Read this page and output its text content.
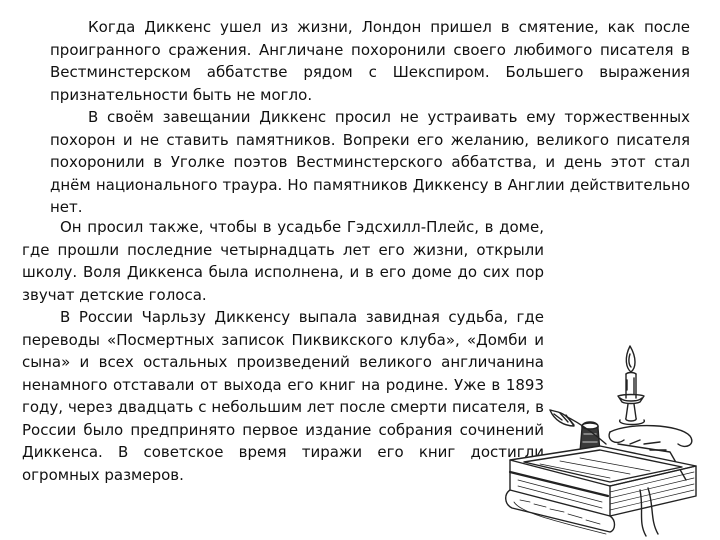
Когда Диккенс ушел из жизни, Лондон пришел в смятение, как после проигранного сражения. Англичане похоронили своего любимого писателя в Вестминстерском аббатстве рядом с Шекспиром. Большего выражения признательности быть не могло.

В своём завещании Диккенс просил не устраивать ему торжественных похорон и не ставить памятников. Вопреки его желанию, великого писателя похоронили в Уголке поэтов Вестминстерского аббатства, и день этот стал днём национального траура. Но памятников Диккенсу в Англии действительно нет.

Он просил также, чтобы в усадьбе Гэдсхилл-Плейс, в доме, где прошли последние четырнадцать лет его жизни, открыли школу. Воля Диккенса была исполнена, и в его доме до сих пор звучат детские голоса.

В России Чарльзу Диккенсу выпала завидная судьба, где переводы «Посмертных записок Пиквикского клуба», «Домби и сына» и всех остальных произведений великого англичанина ненамного отставали от выхода его книг на родине. Уже в 1893 году, через двадцать с небольшим лет после смерти писателя, в России было предпринято первое издание собрания сочинений Диккенса. В советское время тиражи его книг достигли огромных размеров.
